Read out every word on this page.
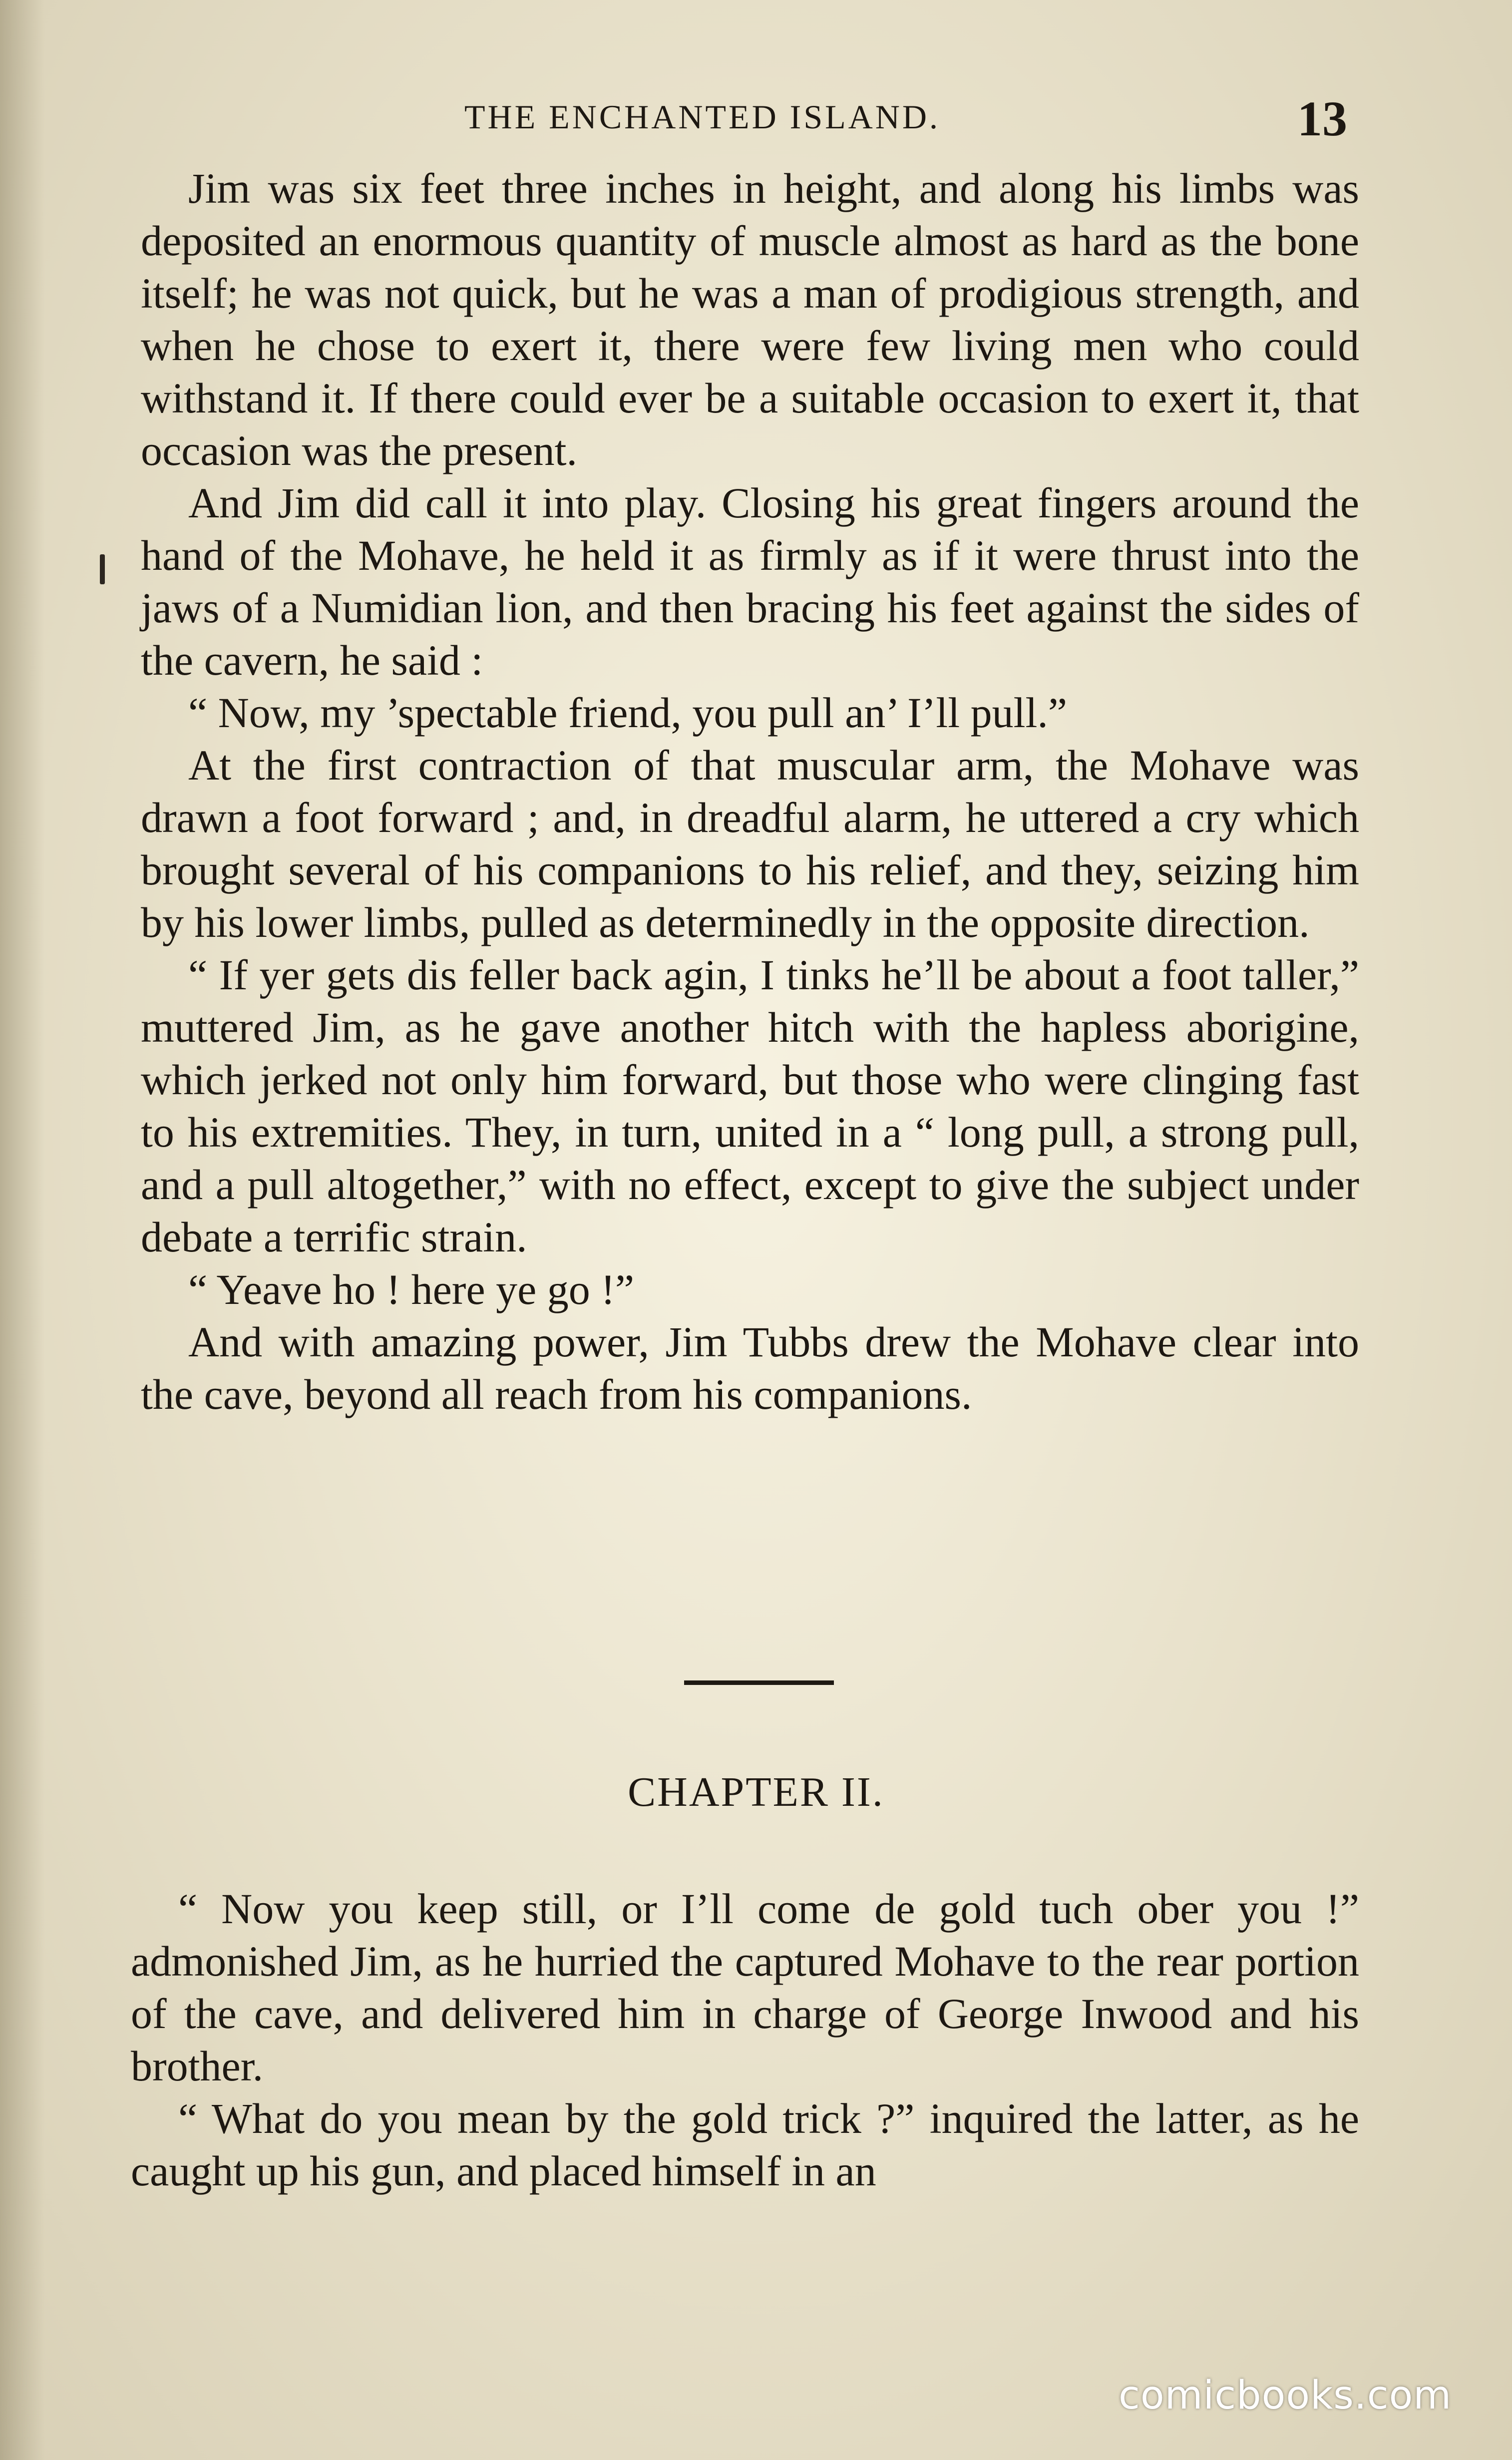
THE ENCHANTED ISLAND.	13

Jim was six feet three inches in height, and along his limbs was deposited an enormous quantity of muscle almost as hard as the bone itself; he was not quick, but he was a man of prodigious strength, and when he chose to exert it, there were few living men who could withstand it. If there could ever be a suitable occasion to exert it, that occasion was the present.

And Jim did call it into play. Closing his great fingers around the hand of the Mohave, he held it as firmly as if it were thrust into the jaws of a Numidian lion, and then bracing his feet against the sides of the cavern, he said :

“ Now, my ’spectable friend, you pull an’ I’ll pull.”

At the first contraction of that muscular arm, the Mohave was drawn a foot forward ; and, in dreadful alarm, he uttered a cry which brought several of his companions to his relief, and they, seizing him by his lower limbs, pulled as determinedly in the opposite direction.

“ If yer gets dis feller back agin, I tinks he’ll be about a foot taller,” muttered Jim, as he gave another hitch with the hapless aborigine, which jerked not only him forward, but those who were clinging fast to his extremities. They, in turn, united in a “ long pull, a strong pull, and a pull altogether,” with no effect, except to give the subject under debate a terrific strain.

“ Yeave ho ! here ye go !”

And with amazing power, Jim Tubbs drew the Mohave clear into the cave, beyond all reach from his companions.

CHAPTER II.

“ Now you keep still, or I’ll come de gold tuch ober you !” admonished Jim, as he hurried the captured Mohave to the rear portion of the cave, and delivered him in charge of George Inwood and his brother.

“ What do you mean by the gold trick ?” inquired the latter, as he caught up his gun, and placed himself in an

comicbooks.com
